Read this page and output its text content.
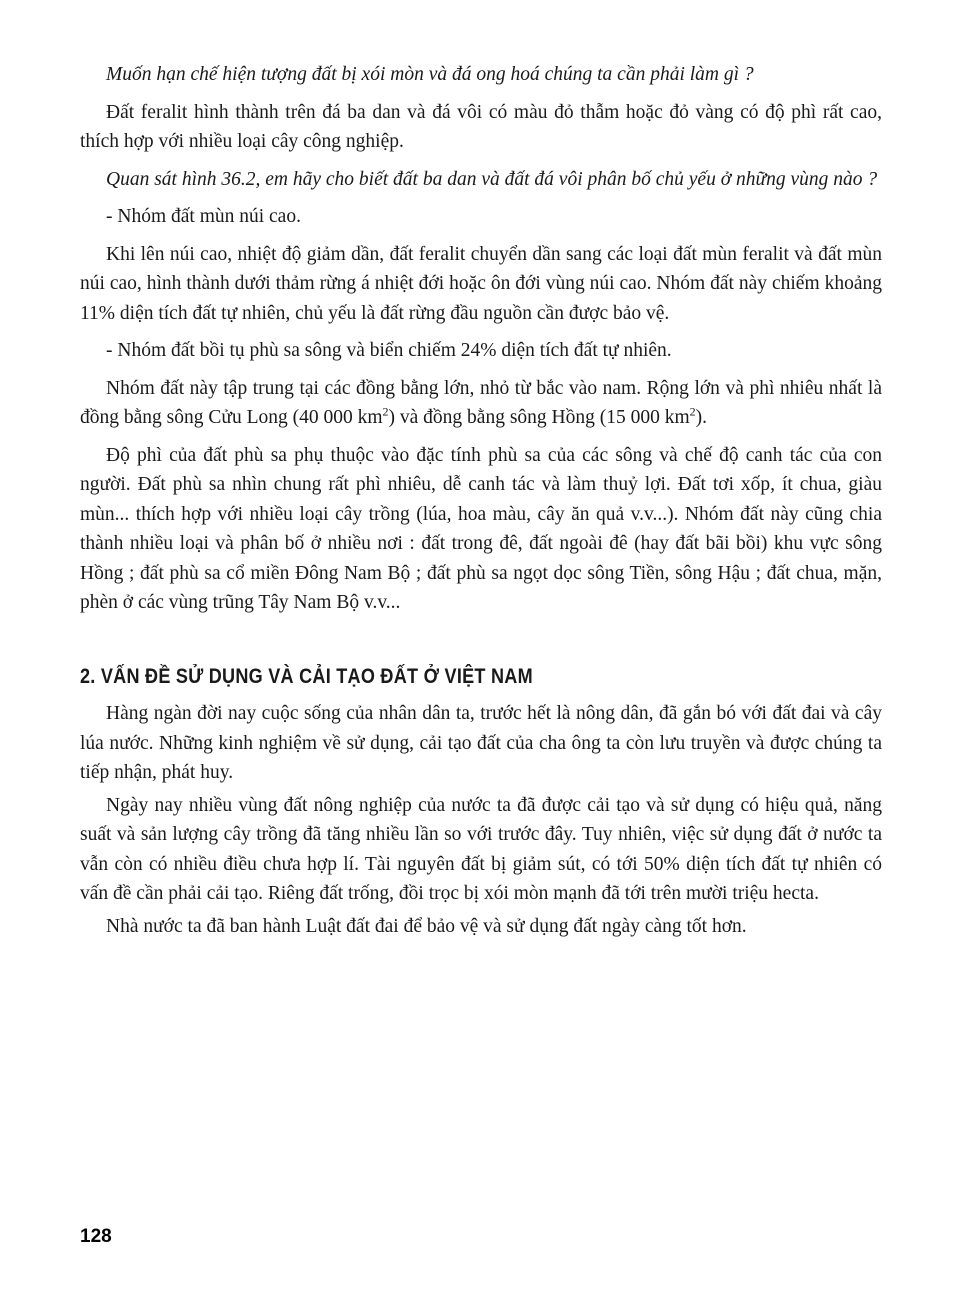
Muốn hạn chế hiện tượng đất bị xói mòn và đá ong hoá chúng ta cần phải làm gì ?

Đất feralit hình thành trên đá ba dan và đá vôi có màu đỏ thẫm hoặc đỏ vàng có độ phì rất cao, thích hợp với nhiều loại cây công nghiệp.

Quan sát hình 36.2, em hãy cho biết đất ba dan và đất đá vôi phân bố chủ yếu ở những vùng nào ?

- Nhóm đất mùn núi cao.

Khi lên núi cao, nhiệt độ giảm dần, đất feralit chuyển dần sang các loại đất mùn feralit và đất mùn núi cao, hình thành dưới thảm rừng á nhiệt đới hoặc ôn đới vùng núi cao. Nhóm đất này chiếm khoảng 11% diện tích đất tự nhiên, chủ yếu là đất rừng đầu nguồn cần được bảo vệ.

- Nhóm đất bồi tụ phù sa sông và biển chiếm 24% diện tích đất tự nhiên.

Nhóm đất này tập trung tại các đồng bằng lớn, nhỏ từ bắc vào nam. Rộng lớn và phì nhiêu nhất là đồng bằng sông Cửu Long (40 000 $km^2$) và đồng bằng sông Hồng (15 000 $km^2$).

Độ phì của đất phù sa phụ thuộc vào đặc tính phù sa của các sông và chế độ canh tác của con người. Đất phù sa nhìn chung rất phì nhiêu, dễ canh tác và làm thuỷ lợi. Đất tơi xốp, ít chua, giàu mùn... thích hợp với nhiều loại cây trồng (lúa, hoa màu, cây ăn quả v.v...). Nhóm đất này cũng chia thành nhiều loại và phân bố ở nhiều nơi : đất trong đê, đất ngoài đê (hay đất bãi bồi) khu vực sông Hồng ; đất phù sa cổ miền Đông Nam Bộ ; đất phù sa ngọt dọc sông Tiền, sông Hậu ; đất chua, mặn, phèn ở các vùng trũng Tây Nam Bộ v.v...

2. VẤN ĐỀ SỬ DỤNG VÀ CẢI TẠO ĐẤT Ở VIỆT NAM

Hàng ngàn đời nay cuộc sống của nhân dân ta, trước hết là nông dân, đã gắn bó với đất đai và cây lúa nước. Những kinh nghiệm về sử dụng, cải tạo đất của cha ông ta còn lưu truyền và được chúng ta tiếp nhận, phát huy.

Ngày nay nhiều vùng đất nông nghiệp của nước ta đã được cải tạo và sử dụng có hiệu quả, năng suất và sản lượng cây trồng đã tăng nhiều lần so với trước đây. Tuy nhiên, việc sử dụng đất ở nước ta vẫn còn có nhiều điều chưa hợp lí. Tài nguyên đất bị giảm sút, có tới 50% diện tích đất tự nhiên có vấn đề cần phải cải tạo. Riêng đất trống, đồi trọc bị xói mòn mạnh đã tới trên mười triệu hecta.

Nhà nước ta đã ban hành Luật đất đai để bảo vệ và sử dụng đất ngày càng tốt hơn.

128
